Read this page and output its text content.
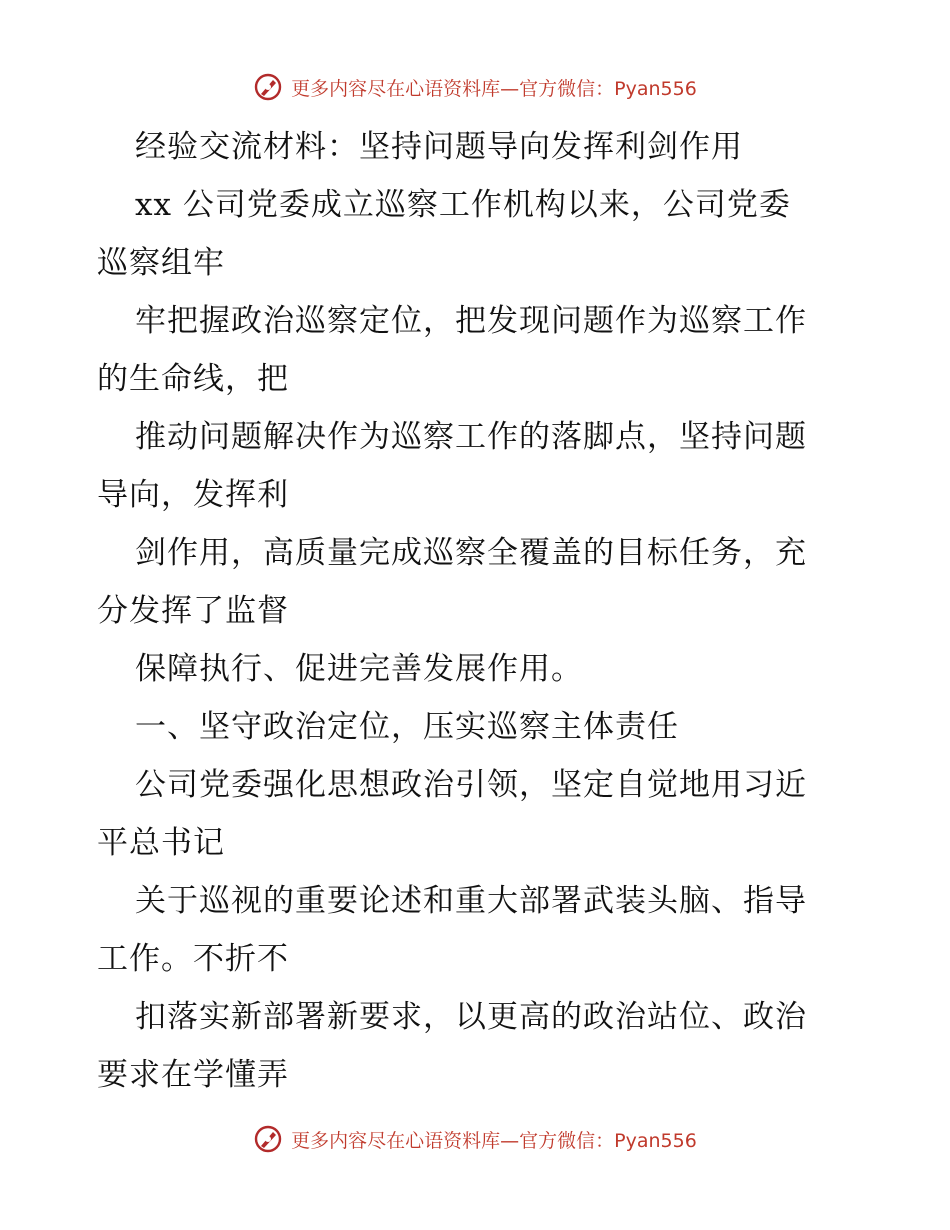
更多内容尽在心语资料库—官方微信：Pyan556
经验交流材料：坚持问题导向发挥利剑作用
xx 公司党委成立巡察工作机构以来，公司党委
巡察组牢
牢把握政治巡察定位，把发现问题作为巡察工作
的生命线，把
推动问题解决作为巡察工作的落脚点，坚持问题
导向，发挥利
剑作用，高质量完成巡察全覆盖的目标任务，充
分发挥了监督
保障执行、促进完善发展作用。
一、坚守政治定位，压实巡察主体责任
公司党委强化思想政治引领，坚定自觉地用习近
平总书记
关于巡视的重要论述和重大部署武装头脑、指导
工作。不折不
扣落实新部署新要求，以更高的政治站位、政治
要求在学懂弄
更多内容尽在心语资料库—官方微信：Pyan556
